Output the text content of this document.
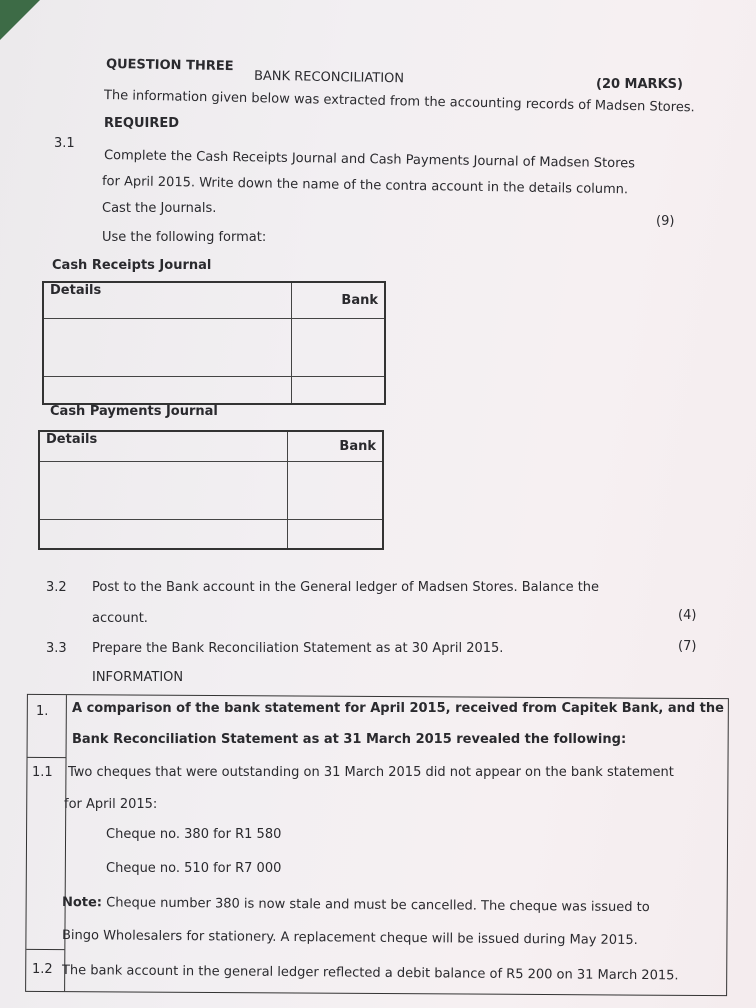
QUESTION THREE
BANK RECONCILIATION	(20 MARKS)
The information given below was extracted from the accounting records of Madsen Stores.
REQUIRED
3.1
Complete the Cash Receipts Journal and Cash Payments Journal of Madsen Stores
for April 2015. Write down the name of the contra account in the details column.
Cast the Journals.
(9)
Use the following format:
Cash Receipts Journal
Details	Bank

Cash Payments Journal
Details	Bank

3.2 Post to the Bank account in the General ledger of Madsen Stores. Balance the
account.	(4)
3.3 Prepare the Bank Reconciliation Statement as at 30 April 2015.	(7)
INFORMATION
1. A comparison of the bank statement for April 2015, received from Capitek Bank, and the
Bank Reconciliation Statement as at 31 March 2015 revealed the following:
1.1 Two cheques that were outstanding on 31 March 2015 did not appear on the bank statement
for April 2015:
Cheque no. 380 for R1 580
Cheque no. 510 for R7 000
Note: Cheque number 380 is now stale and must be cancelled. The cheque was issued to
Bingo Wholesalers for stationery. A replacement cheque will be issued during May 2015.
1.2 The bank account in the general ledger reflected a debit balance of R5 200 on 31 March 2015.
